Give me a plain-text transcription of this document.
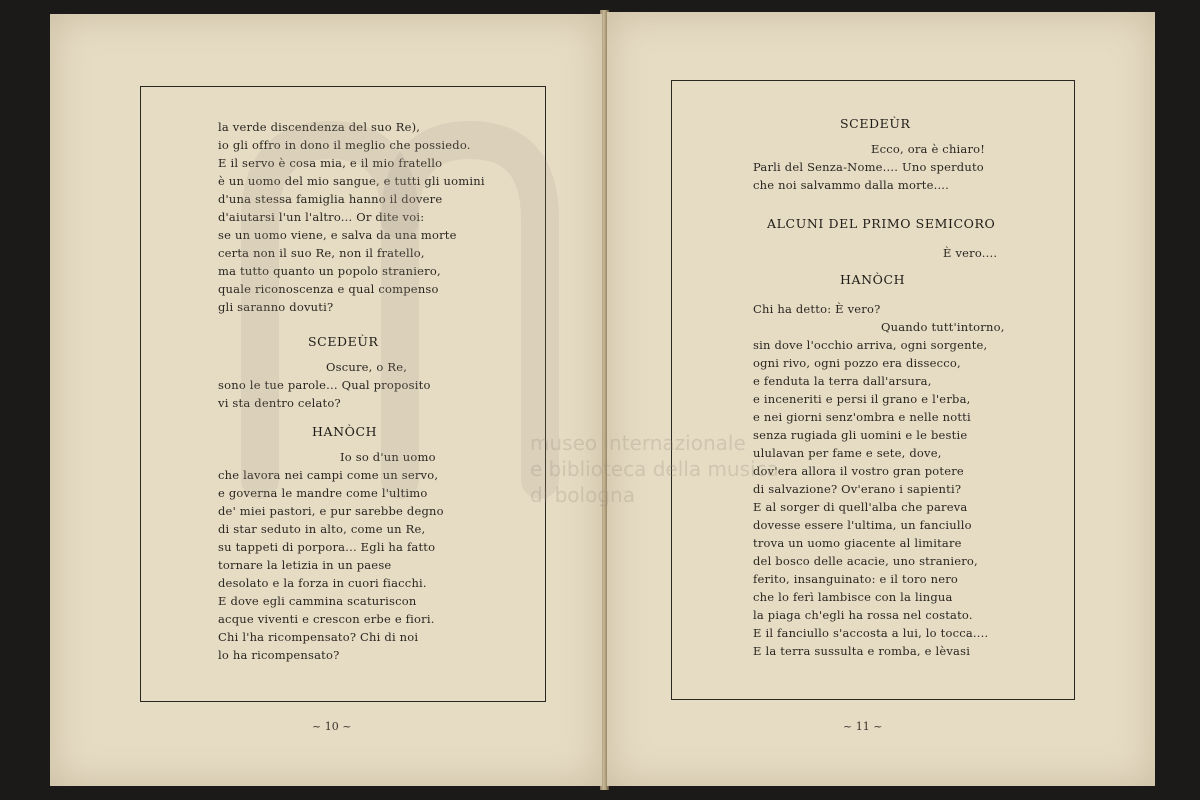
la verde discendenza del suo Re),
io gli offro in dono il meglio che possiedo.
E il servo è cosa mia, e il mio fratello
è un uomo del mio sangue, e tutti gli uomini
d'una stessa famiglia hanno il dovere
d'aiutarsi l'un l'altro... Or dite voi:
se un uomo viene, e salva da una morte
certa non il suo Re, non il fratello,
ma tutto quanto un popolo straniero,
quale riconoscenza e qual compenso
gli saranno dovuti?
SCEDEÙR
Oscure, o Re,
sono le tue parole... Qual proposito
vi sta dentro celato?
HANÒCH
Io so d'un uomo
che lavora nei campi come un servo,
e governa le mandre come l'ultimo
de' miei pastori, e pur sarebbe degno
di star seduto in alto, come un Re,
su tappeti di porpora... Egli ha fatto
tornare la letizia in un paese
desolato e la forza in cuori fiacchi.
E dove egli cammina scaturiscon
acque viventi e crescon erbe e fiori.
Chi l'ha ricompensato? Chi di noi
lo ha ricompensato?
~ 10 ~
SCEDEÙR
Ecco, ora è chiaro!
Parli del Senza-Nome.... Uno sperduto
che noi salvammo dalla morte....
ALCUNI DEL PRIMO SEMICORO
È vero....
HANÒCH
Chi ha detto: È vero?
Quando tutt'intorno,
sin dove l'occhio arriva, ogni sorgente,
ogni rivo, ogni pozzo era dissecco,
e fenduta la terra dall'arsura,
e inceneriti e persi il grano e l'erba,
e nei giorni senz'ombra e nelle notti
senza rugiada gli uomini e le bestie
ululavan per fame e sete, dove,
dov'era allora il vostro gran potere
di salvazione? Ov'erano i sapienti?
E al sorger di quell'alba che pareva
dovesse essere l'ultima, un fanciullo
trova un uomo giacente al limitare
del bosco delle acacie, uno straniero,
ferito, insanguinato: e il toro nero
che lo ferì lambisce con la lingua
la piaga ch'egli ha rossa nel costato.
E il fanciullo s'accosta a lui, lo tocca....
E la terra sussulta e romba, e lèvasi
~ 11 ~
museo internazionale
e biblioteca della musica
di bologna
